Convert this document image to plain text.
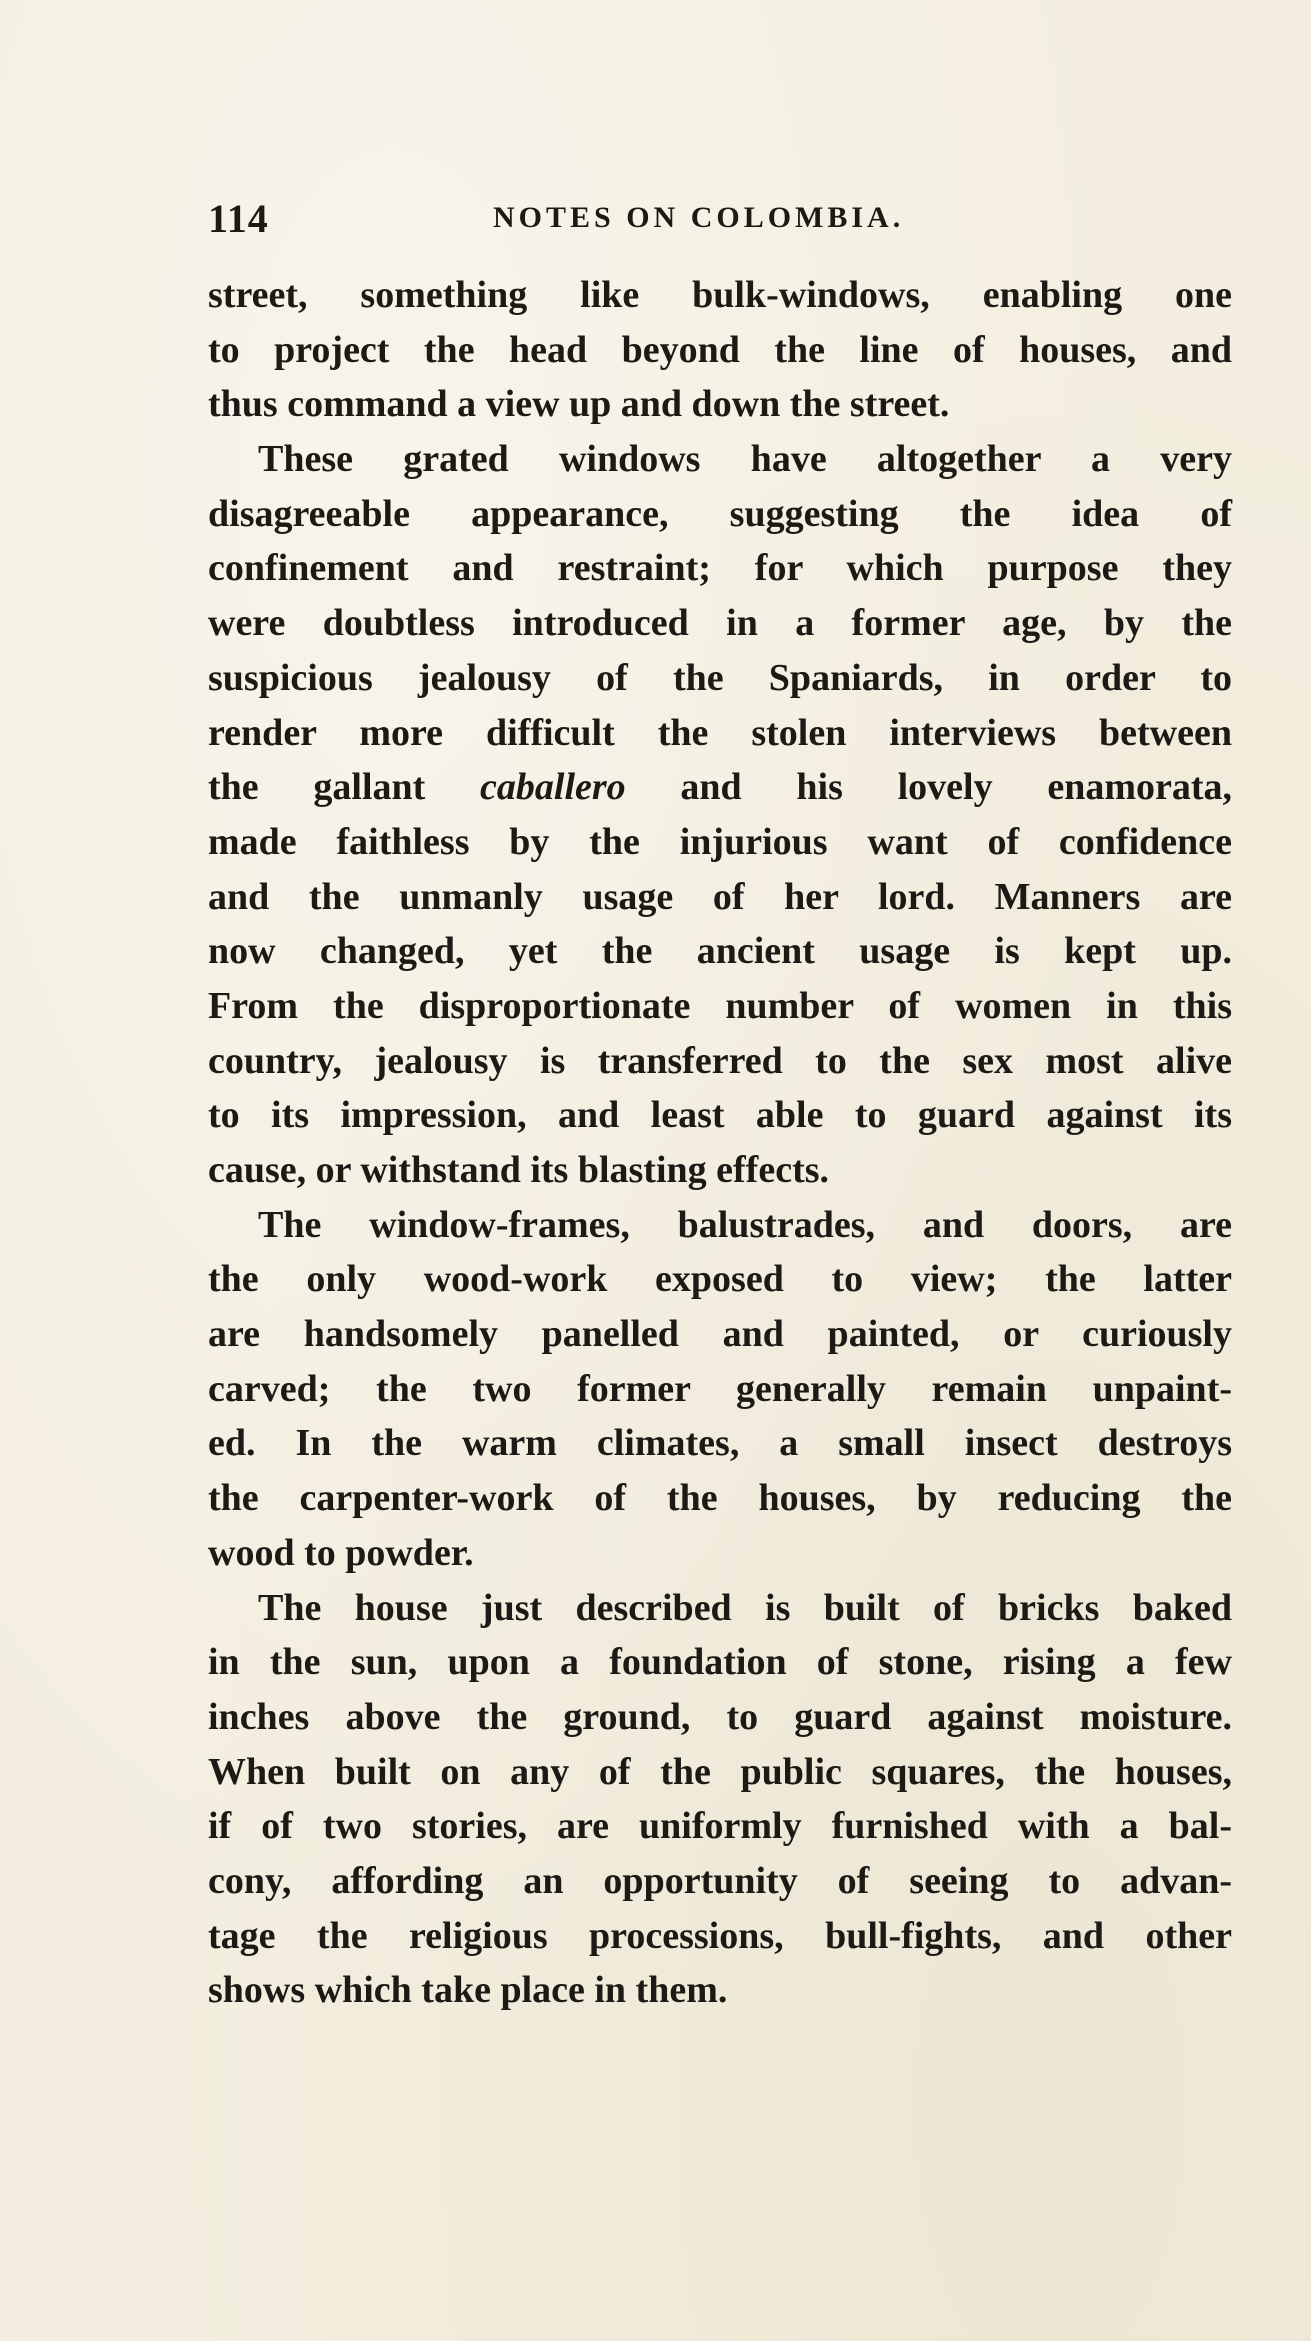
114	NOTES ON COLOMBIA.
street, something like bulk-windows, enabling one
to project the head beyond the line of houses, and
thus command a view up and down the street.
These grated windows have altogether a very
disagreeable appearance, suggesting the idea of
confinement and restraint; for which purpose they
were doubtless introduced in a former age, by the
suspicious jealousy of the Spaniards, in order to
render more difficult the stolen interviews between
the gallant caballero and his lovely enamorata,
made faithless by the injurious want of confidence
and the unmanly usage of her lord. Manners are
now changed, yet the ancient usage is kept up.
From the disproportionate number of women in this
country, jealousy is transferred to the sex most alive
to its impression, and least able to guard against its
cause, or withstand its blasting effects.
The window-frames, balustrades, and doors, are
the only wood-work exposed to view; the latter
are handsomely panelled and painted, or curiously
carved; the two former generally remain unpaint-
ed. In the warm climates, a small insect destroys
the carpenter-work of the houses, by reducing the
wood to powder.
The house just described is built of bricks baked
in the sun, upon a foundation of stone, rising a few
inches above the ground, to guard against moisture.
When built on any of the public squares, the houses,
if of two stories, are uniformly furnished with a bal-
cony, affording an opportunity of seeing to advan-
tage the religious processions, bull-fights, and other
shows which take place in them.
